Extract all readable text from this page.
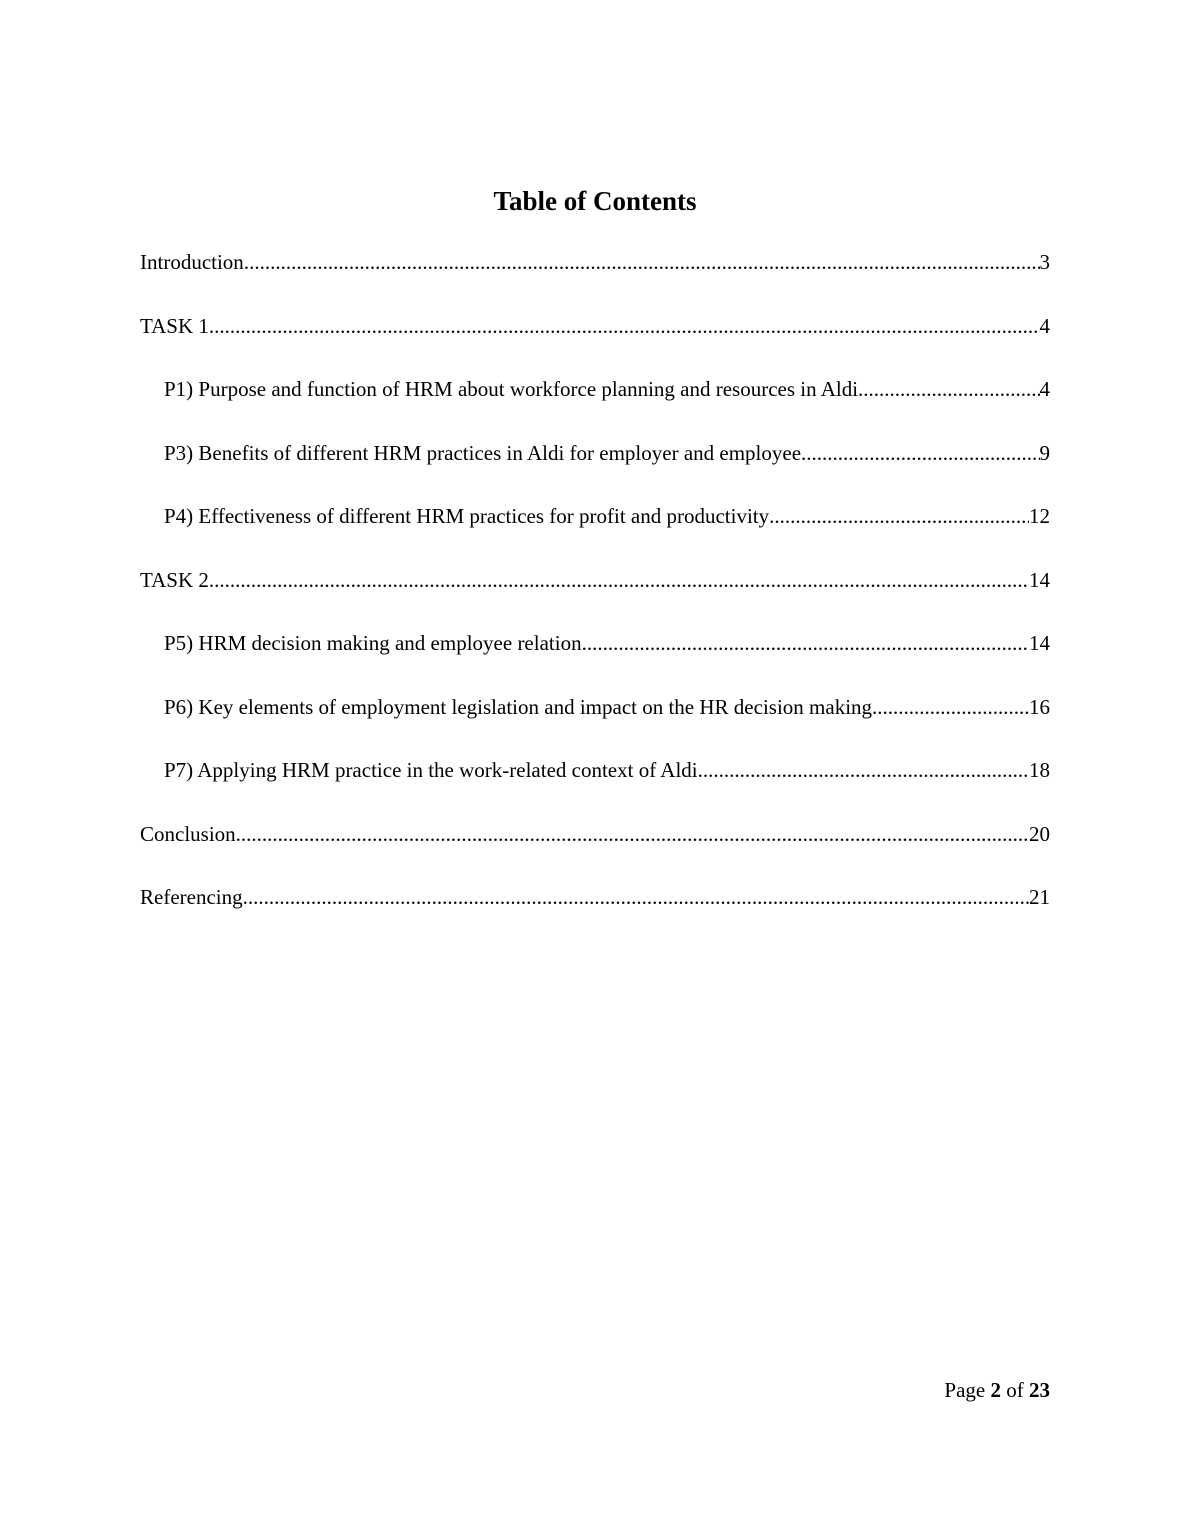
Table of Contents
Introduction .....	3
TASK 1 .....	4
P1) Purpose and function of HRM about workforce planning and resources in Aldi .....	4
P3) Benefits of different HRM practices in Aldi for employer and employee .....	9
P4) Effectiveness of different HRM practices for profit and productivity .....	12
TASK 2 .....	14
P5) HRM decision making and employee relation .....	14
P6) Key elements of employment legislation and impact on the HR decision making .....	16
P7) Applying HRM practice in the work-related context of Aldi .....	18
Conclusion .....	20
Referencing .....	21
Page 2 of 23
